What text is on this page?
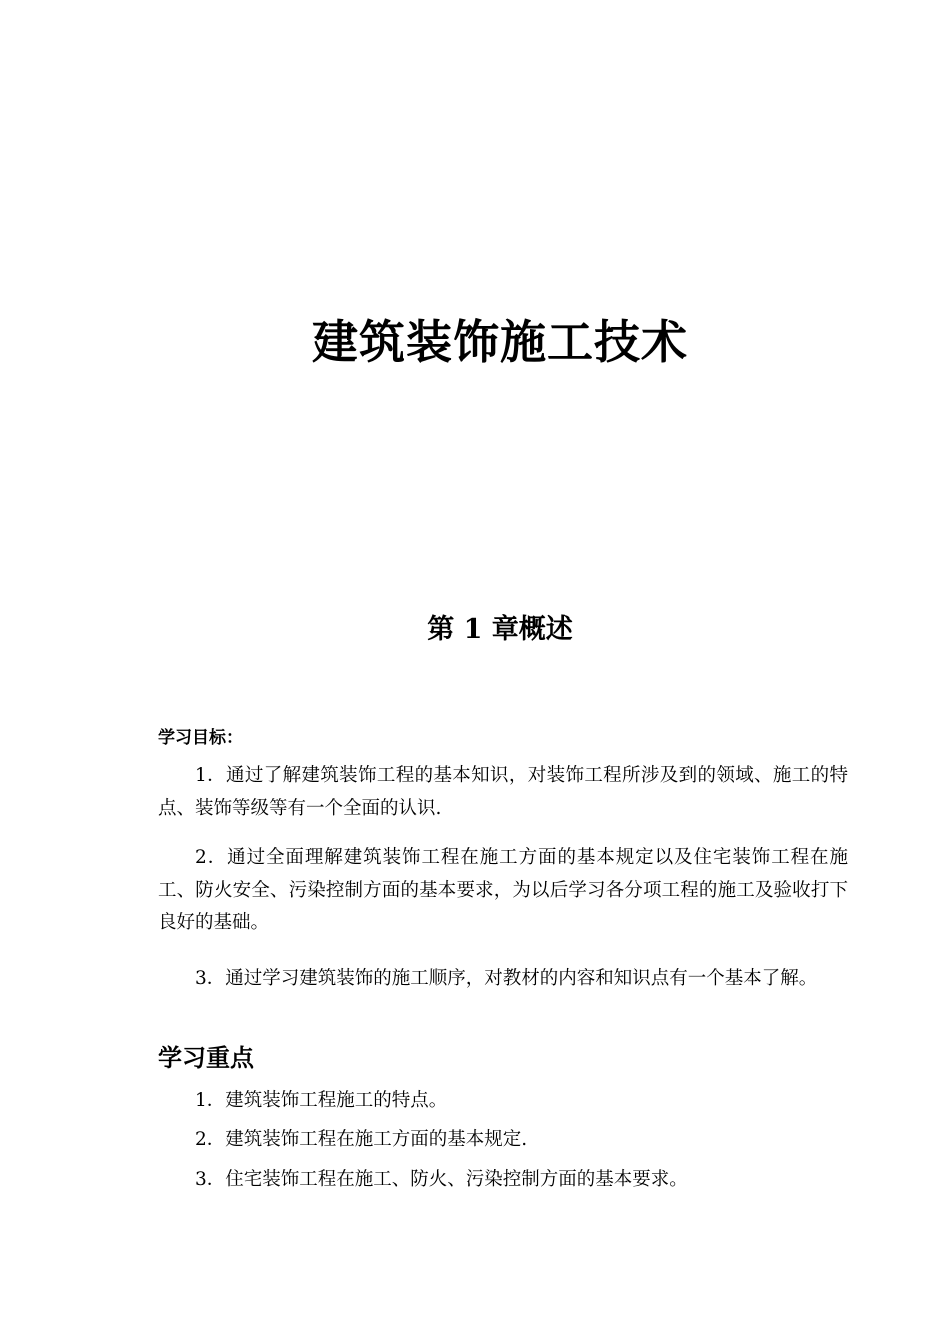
建筑装饰施工技术
第 1 章概述

学习目标：

1．通过了解建筑装饰工程的基本知识，对装饰工程所涉及到的领域、施工的特点、装饰等级等有一个全面的认识.

2．通过全面理解建筑装饰工程在施工方面的基本规定以及住宅装饰工程在施工、防火安全、污染控制方面的基本要求，为以后学习各分项工程的施工及验收打下良好的基础。

3．通过学习建筑装饰的施工顺序，对教材的内容和知识点有一个基本了解。

学习重点

1．建筑装饰工程施工的特点。

2．建筑装饰工程在施工方面的基本规定.

3．住宅装饰工程在施工、防火、污染控制方面的基本要求。
